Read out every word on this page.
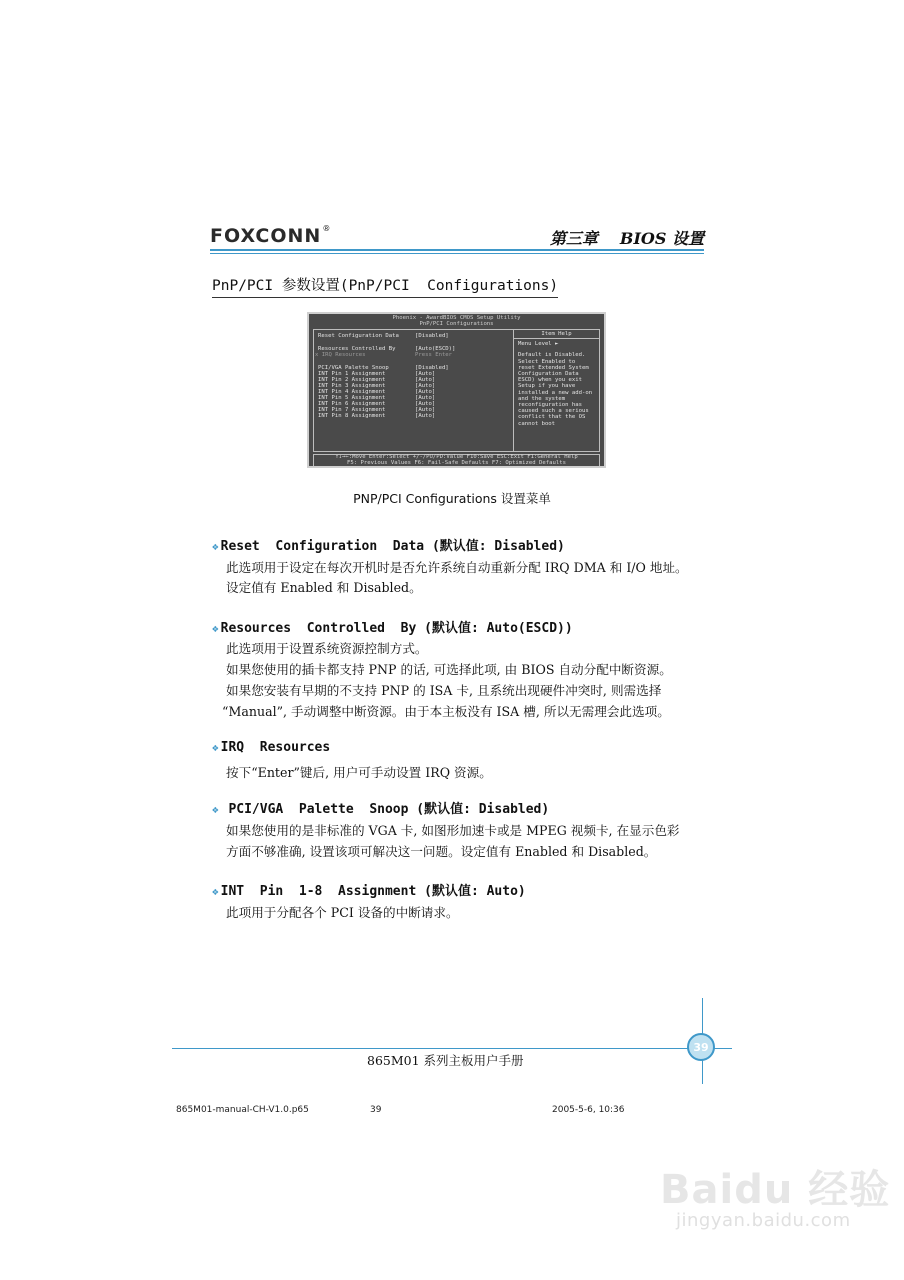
FOXCONN ®
第三章 BIOS 设置
PnP/PCI 参数设置(PnP/PCI  Configurations)
Phoenix - AwardBIOS CMOS Setup Utility
PnP/PCI Configurations
Reset Configuration Data	[Disabled]
Resources Controlled By	[Auto(ESCD)]
x IRQ Resources	Press Enter
PCI/VGA Palette Snoop	[Disabled]
INT Pin 1 Assignment	[Auto]
INT Pin 2 Assignment	[Auto]
INT Pin 3 Assignment	[Auto]
INT Pin 4 Assignment	[Auto]
INT Pin 5 Assignment	[Auto]
INT Pin 6 Assignment	[Auto]
INT Pin 7 Assignment	[Auto]
INT Pin 8 Assignment	[Auto]
Item Help
Menu Level ►
Default is Disabled.
Select Enabled to
reset Extended System
Configuration Data
ESCD) when you exit
Setup if you have
installed a new add-on
and the system
reconfiguration has
caused such a serious
conflict that the OS
cannot boot
↑↓→←:Move Enter:Select +/-/PU/PD:Value F10:Save ESC:Exit F1:General Help
F5: Previous Values F6: Fail-Safe Defaults F7: Optimized Defaults
PNP/PCI Configurations 设置菜单
❖ Reset  Configuration  Data (默认值: Disabled)
此选项用于设定在每次开机时是否允许系统自动重新分配 IRQ DMA 和 I/O 地址。
设定值有 Enabled 和 Disabled。
❖ Resources  Controlled  By (默认值: Auto(ESCD))
此选项用于设置系统资源控制方式。
如果您使用的插卡都支持 PNP 的话, 可选择此项, 由 BIOS 自动分配中断资源。
如果您安装有早期的不支持 PNP 的 ISA 卡, 且系统出现硬件冲突时, 则需选择
“Manual”, 手动调整中断资源。由于本主板没有 ISA 槽, 所以无需理会此选项。
❖ IRQ  Resources
按下“Enter”键后, 用户可手动设置 IRQ 资源。
❖ PCI/VGA  Palette  Snoop (默认值: Disabled)
如果您使用的是非标准的 VGA 卡, 如图形加速卡或是 MPEG 视频卡, 在显示色彩
方面不够准确, 设置该项可解决这一问题。设定值有 Enabled 和 Disabled。
❖ INT  Pin  1-8  Assignment (默认值: Auto)
此项用于分配各个 PCI 设备的中断请求。
39
865M01 系列主板用户手册
865M01-manual-CH-V1.0.p65	39	2005-5-6, 10:36
Baidu 经验
jingyan.baidu.com
